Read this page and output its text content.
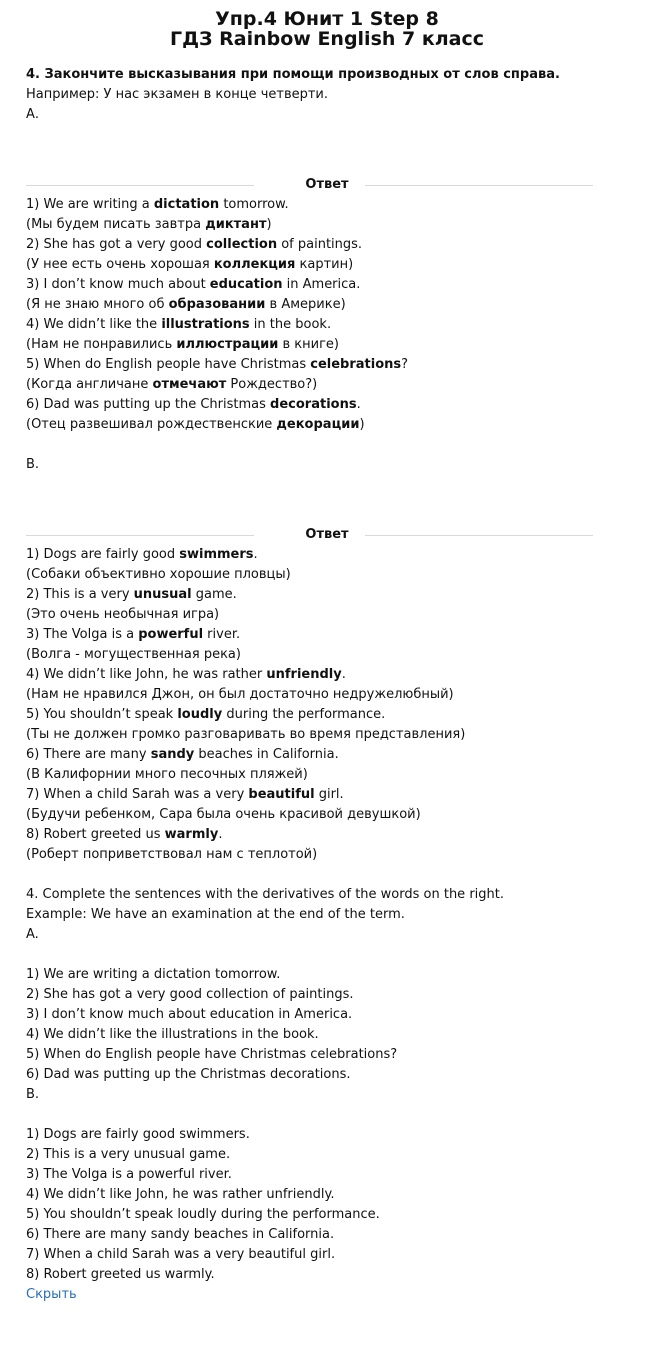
Упр.4 Юнит 1 Step 8
ГДЗ Rainbow English 7 класс
4. Закончите высказывания при помощи производных от слов справа.
Например: У нас экзамен в конце четверти.
А.
Ответ
1) We are writing a dictation tomorrow.
(Мы будем писать завтра диктант)
2) She has got a very good collection of paintings.
(У нее есть очень хорошая коллекция картин)
3) I don’t know much about education in America.
(Я не знаю много об образовании в Америке)
4) We didn’t like the illustrations in the book.
(Нам не понравились иллюстрации в книге)
5) When do English people have Christmas celebrations?
(Когда англичане отмечают Рождество?)
6) Dad was putting up the Christmas decorations.
(Отец развешивал рождественские декорации)
B.
Ответ
1) Dogs are fairly good swimmers.
(Собаки объективно хорошие пловцы)
2) This is a very unusual game.
(Это очень необычная игра)
3) The Volga is a powerful river.
(Волга - могущественная река)
4) We didn’t like John, he was rather unfriendly.
(Нам не нравился Джон, он был достаточно недружелюбный)
5) You shouldn’t speak loudly during the performance.
(Ты не должен громко разговаривать во время представления)
6) There are many sandy beaches in California.
(В Калифорнии много песочных пляжей)
7) When a child Sarah was a very beautiful girl.
(Будучи ребенком, Сара была очень красивой девушкой)
8) Robert greeted us warmly.
(Роберт поприветствовал нам с теплотой)
4. Complete the sentences with the derivatives of the words on the right.
Example: We have an examination at the end of the term.
A.
1) We are writing a dictation tomorrow.
2) She has got a very good collection of paintings.
3) I don’t know much about education in America.
4) We didn’t like the illustrations in the book.
5) When do English people have Christmas celebrations?
6) Dad was putting up the Christmas decorations.
B.
1) Dogs are fairly good swimmers.
2) This is a very unusual game.
3) The Volga is a powerful river.
4) We didn’t like John, he was rather unfriendly.
5) You shouldn’t speak loudly during the performance.
6) There are many sandy beaches in California.
7) When a child Sarah was a very beautiful girl.
8) Robert greeted us warmly.
Скрыть
